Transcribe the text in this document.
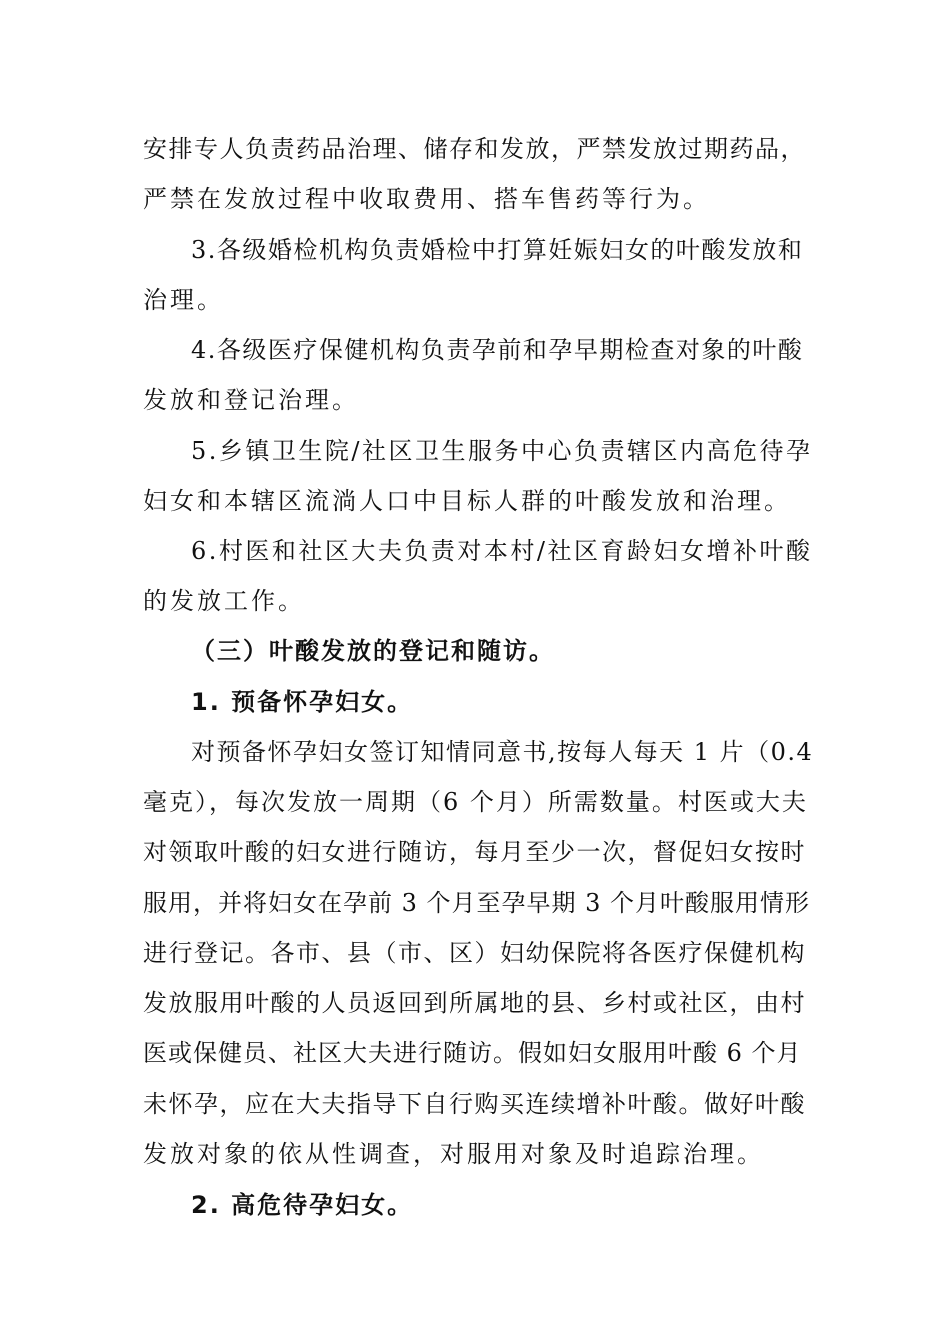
安排专人负责药品治理、储存和发放，严禁发放过期药品，
严禁在发放过程中收取费用、搭车售药等行为。
3.各级婚检机构负责婚检中打算妊娠妇女的叶酸发放和
治理。
4.各级医疗保健机构负责孕前和孕早期检查对象的叶酸
发放和登记治理。
5.乡镇卫生院/社区卫生服务中心负责辖区内高危待孕
妇女和本辖区流淌人口中目标人群的叶酸发放和治理。
6.村医和社区大夫负责对本村/社区育龄妇女增补叶酸
的发放工作。
（三）叶酸发放的登记和随访。
1. 预备怀孕妇女。
对预备怀孕妇女签订知情同意书,按每人每天 1 片（0.4
毫克），每次发放一周期（6 个月）所需数量。村医或大夫
对领取叶酸的妇女进行随访，每月至少一次，督促妇女按时
服用，并将妇女在孕前 3 个月至孕早期 3 个月叶酸服用情形
进行登记。各市、县（市、区）妇幼保院将各医疗保健机构
发放服用叶酸的人员返回到所属地的县、乡村或社区，由村
医或保健员、社区大夫进行随访。假如妇女服用叶酸 6 个月
未怀孕，应在大夫指导下自行购买连续增补叶酸。做好叶酸
发放对象的依从性调查，对服用对象及时追踪治理。
2. 高危待孕妇女。
